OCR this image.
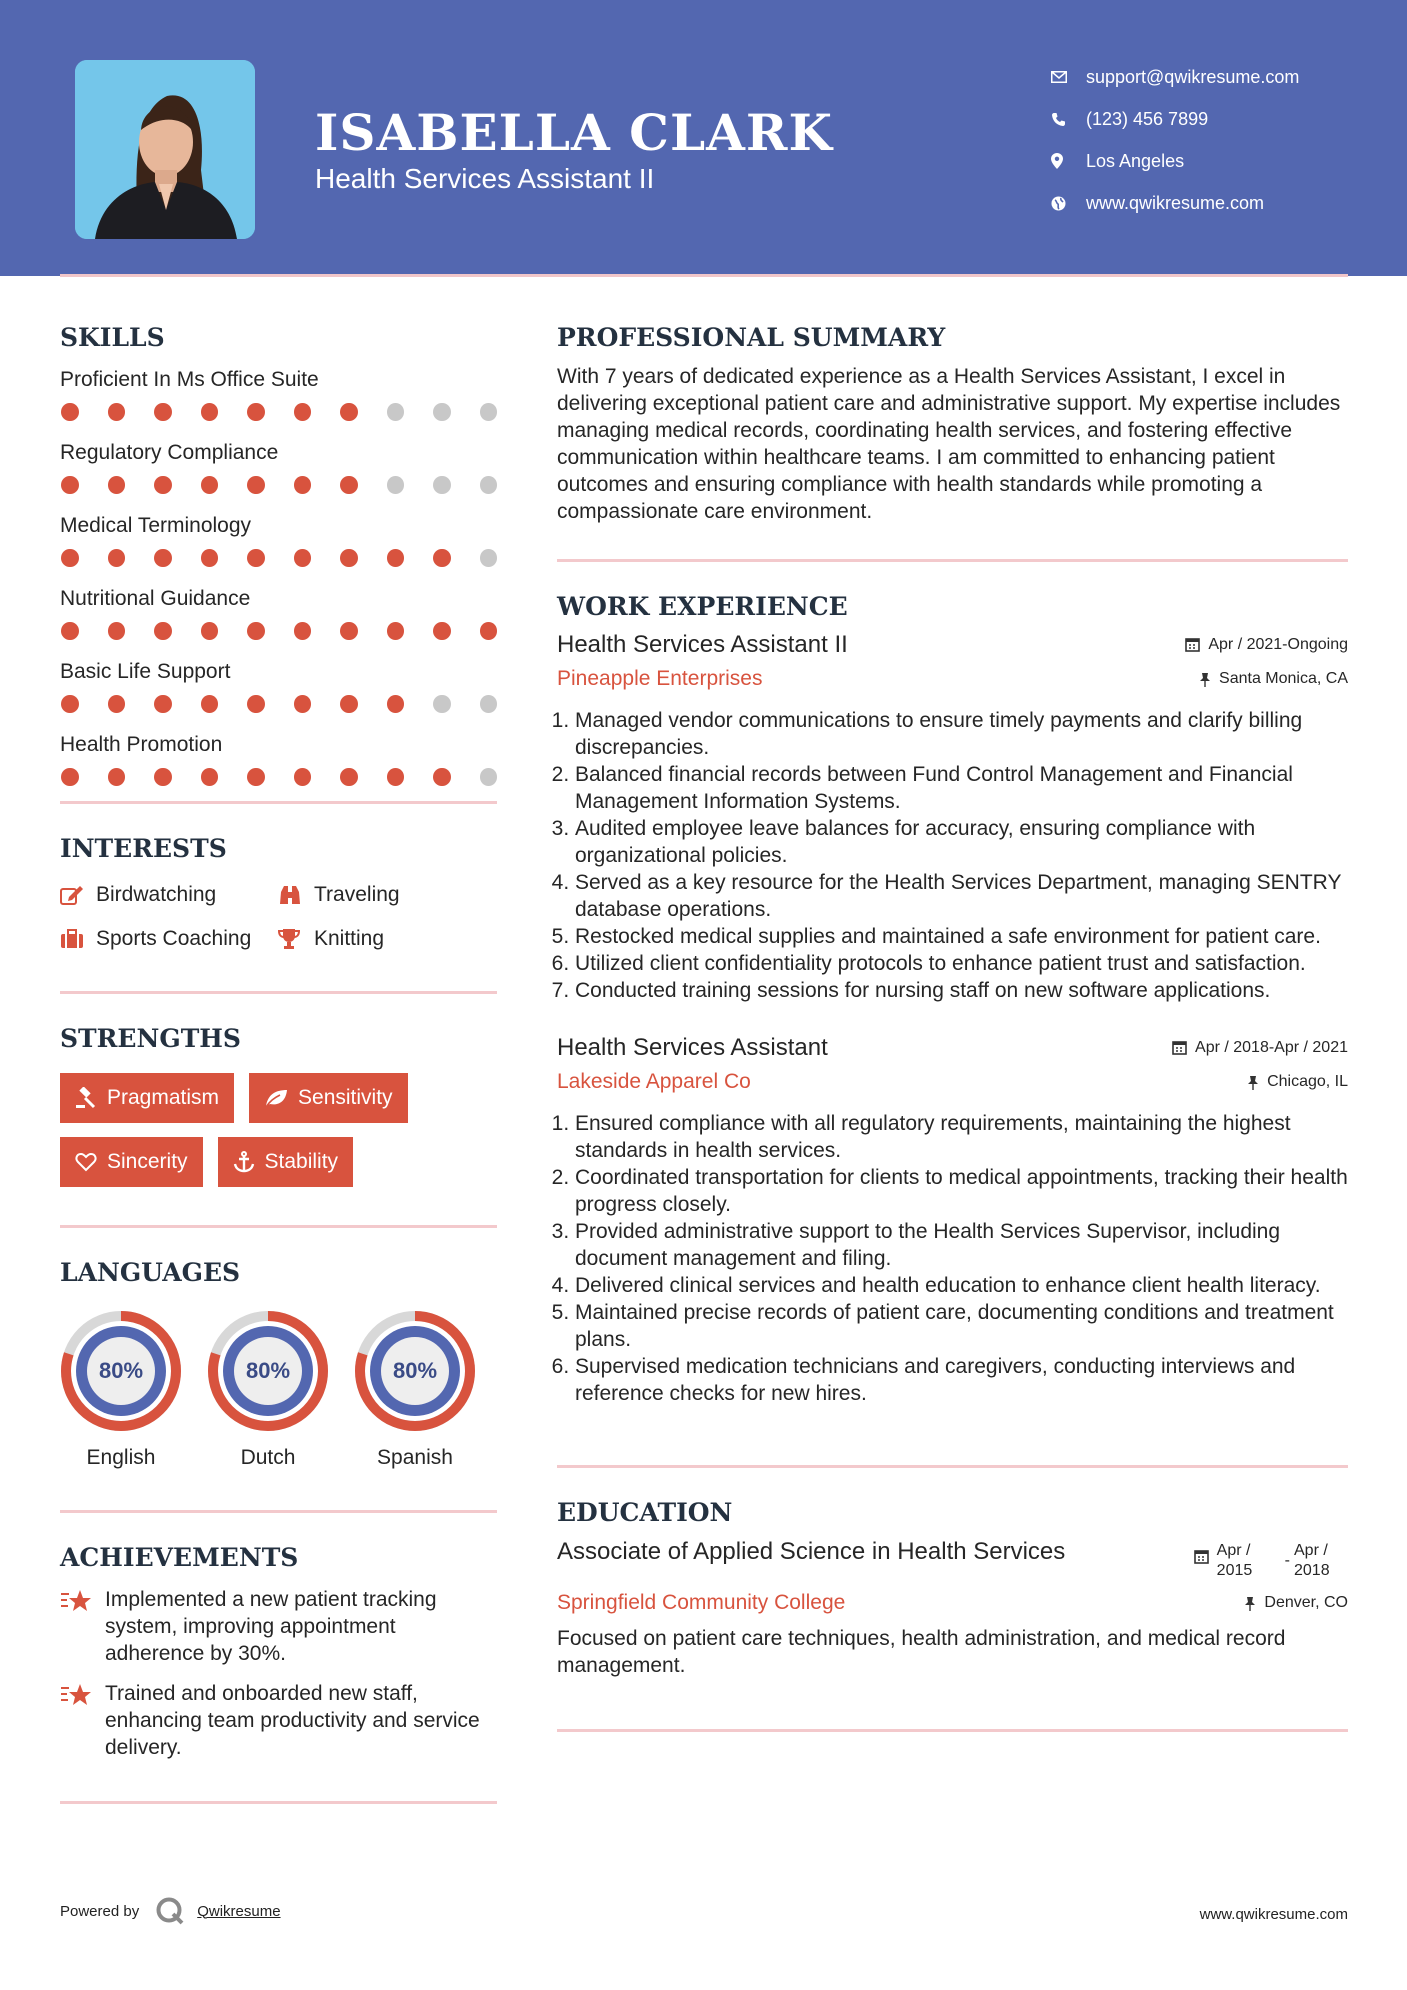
ISABELLA CLARK
Health Services Assistant II
support@qwikresume.com
(123) 456 7899
Los Angeles
www.qwikresume.com
SKILLS
Proficient In Ms Office Suite
Regulatory Compliance
Medical Terminology
Nutritional Guidance
Basic Life Support
Health Promotion
INTERESTS
Birdwatching	Traveling
Sports Coaching	Knitting
STRENGTHS
Pragmatism	Sensitivity
Sincerity	Stability
LANGUAGES
80%
English
80%
Dutch
80%
Spanish
ACHIEVEMENTS
Implemented a new patient tracking system, improving appointment adherence by 30%.
Trained and onboarded new staff, enhancing team productivity and service delivery.
PROFESSIONAL SUMMARY
With 7 years of dedicated experience as a Health Services Assistant, I excel in delivering exceptional patient care and administrative support. My expertise includes managing medical records, coordinating health services, and fostering effective communication within healthcare teams. I am committed to enhancing patient outcomes and ensuring compliance with health standards while promoting a compassionate care environment.
WORK EXPERIENCE
Health Services Assistant II	Apr / 2021-Ongoing
Pineapple Enterprises	Santa Monica, CA
1. Managed vendor communications to ensure timely payments and clarify billing discrepancies.
2. Balanced financial records between Fund Control Management and Financial Management Information Systems.
3. Audited employee leave balances for accuracy, ensuring compliance with organizational policies.
4. Served as a key resource for the Health Services Department, managing SENTRY database operations.
5. Restocked medical supplies and maintained a safe environment for patient care.
6. Utilized client confidentiality protocols to enhance patient trust and satisfaction.
7. Conducted training sessions for nursing staff on new software applications.
Health Services Assistant	Apr / 2018-Apr / 2021
Lakeside Apparel Co	Chicago, IL
1. Ensured compliance with all regulatory requirements, maintaining the highest standards in health services.
2. Coordinated transportation for clients to medical appointments, tracking their health progress closely.
3. Provided administrative support to the Health Services Supervisor, including document management and filing.
4. Delivered clinical services and health education to enhance client health literacy.
5. Maintained precise records of patient care, documenting conditions and treatment plans.
6. Supervised medication technicians and caregivers, conducting interviews and reference checks for new hires.
EDUCATION
Associate of Applied Science in Health Services	Apr / 2015
-
Apr / 2018
Springfield Community College	Denver, CO
Focused on patient care techniques, health administration, and medical record management.
Powered by	Qwikresume	www.qwikresume.com
